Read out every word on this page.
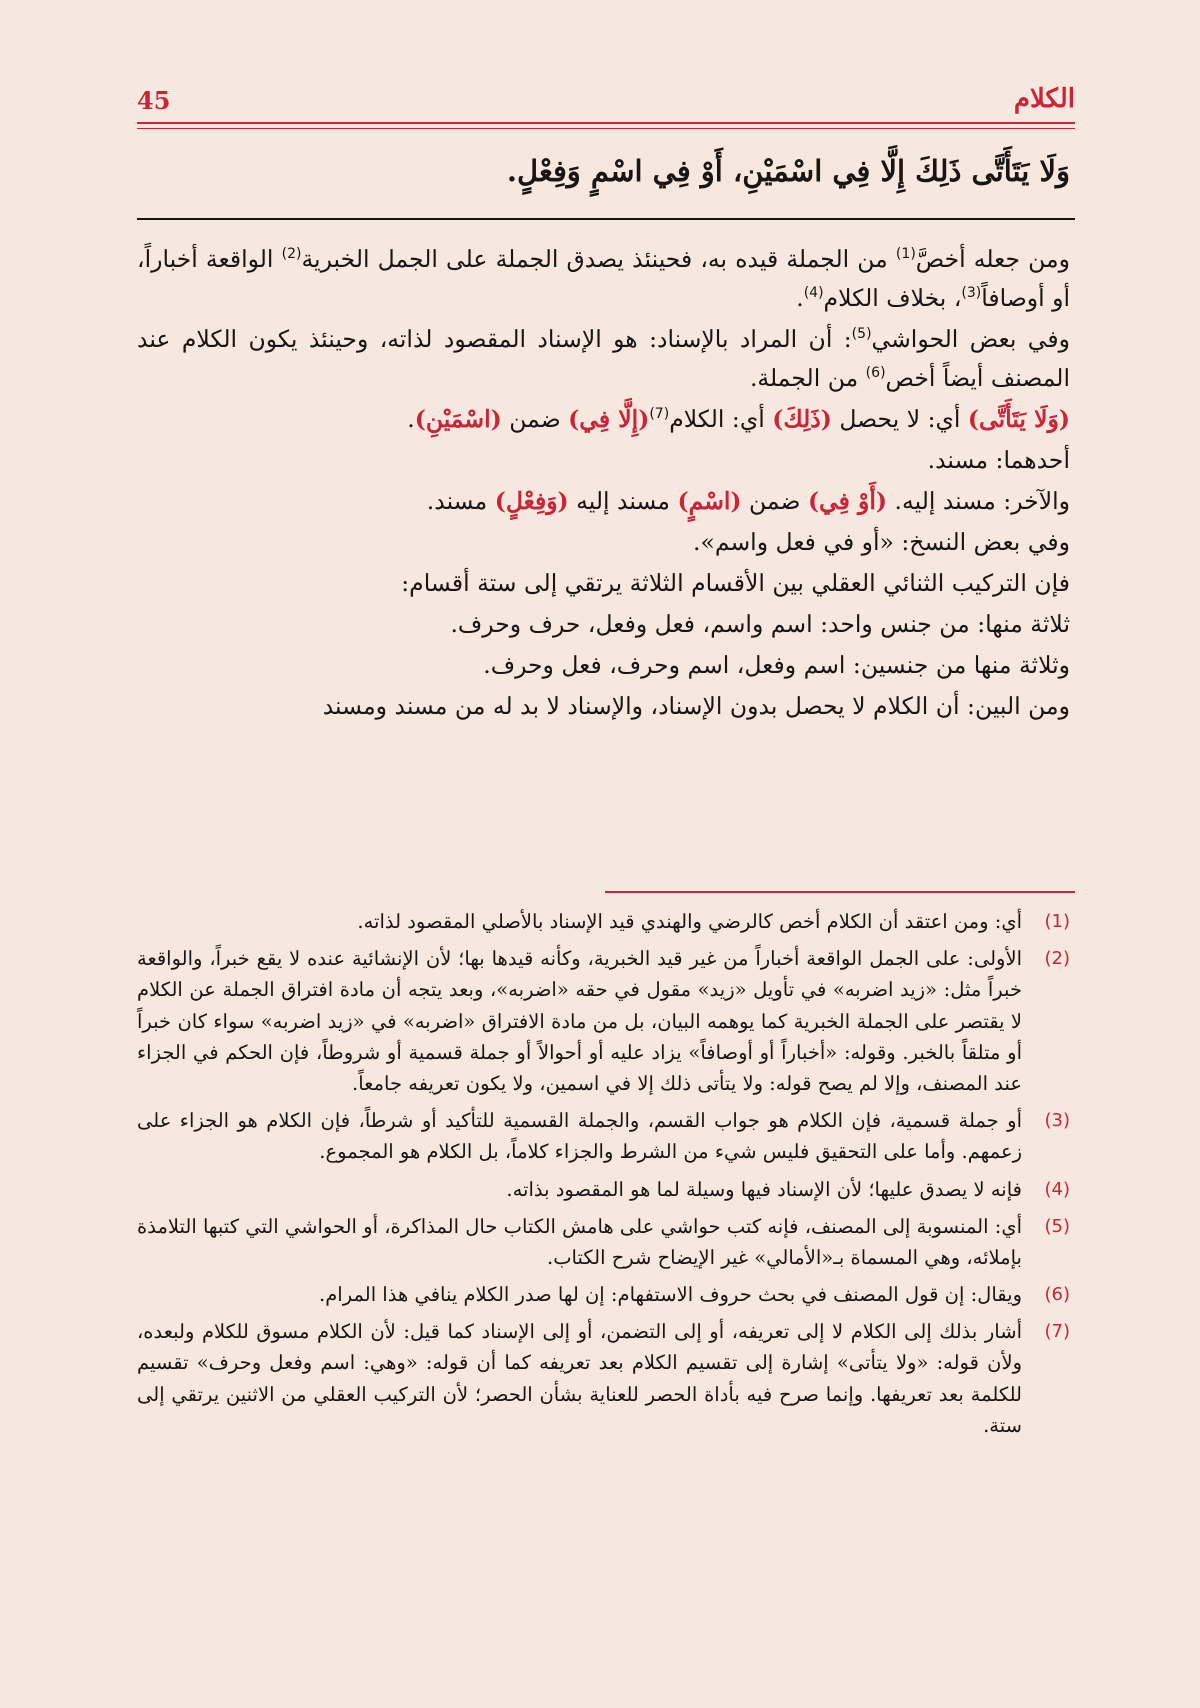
الكلام
45
وَلَا يَتَأَتَّى ذَلِكَ إِلَّا فِي اسْمَيْنِ، أَوْ فِي اسْمٍ وَفِعْلٍ.

ومن جعله أخصَّ$^{(1)}$ من الجملة قيده به، فحينئذ يصدق الجملة على الجمل الخبرية$^{(2)}$ الواقعة أخباراً، أو أوصافاً$^{(3)}$، بخلاف الكلام$^{(4)}$.

وفي بعض الحواشي$^{(5)}$: أن المراد بالإسناد: هو الإسناد المقصود لذاته، وحينئذ يكون الكلام عند المصنف أيضاً أخص$^{(6)}$ من الجملة.

(وَلَا يَتَأَتَّى) أي: لا يحصل (ذَلِكَ) أي: الكلام$^{(7)}$(إِلَّا فِي) ضمن (اسْمَيْنِ).

أحدهما: مسند.

والآخر: مسند إليه. (أَوْ فِي) ضمن (اسْمٍ) مسند إليه (وَفِعْلٍ) مسند.

وفي بعض النسخ: «أو في فعل واسم».

فإن التركيب الثنائي العقلي بين الأقسام الثلاثة يرتقي إلى ستة أقسام:

ثلاثة منها: من جنس واحد: اسم واسم، فعل وفعل، حرف وحرف.

وثلاثة منها من جنسين: اسم وفعل، اسم وحرف، فعل وحرف.

ومن البين: أن الكلام لا يحصل بدون الإسناد، والإسناد لا بد له من مسند ومسند

(1)
أي: ومن اعتقد أن الكلام أخص كالرضي والهندي قيد الإسناد بالأصلي المقصود لذاته.
(2)
الأولى: على الجمل الواقعة أخباراً من غير قيد الخبرية، وكأنه قيدها بها؛ لأن الإنشائية عنده لا يقع خبراً، والواقعة خبراً مثل: «زيد اضربه» في تأويل «زيد» مقول في حقه «اضربه»، وبعد يتجه أن مادة افتراق الجملة عن الكلام لا يقتصر على الجملة الخبرية كما يوهمه البيان، بل من مادة الافتراق «اضربه» في «زيد اضربه» سواء كان خبراً أو متلقاً بالخبر. وقوله: «أخباراً أو أوصافاً» يزاد عليه أو أحوالاً أو جملة قسمية أو شروطاً، فإن الحكم في الجزاء عند المصنف، وإلا لم يصح قوله: ولا يتأتى ذلك إلا في اسمين، ولا يكون تعريفه جامعاً.
(3)
أو جملة قسمية، فإن الكلام هو جواب القسم، والجملة القسمية للتأكيد أو شرطاً، فإن الكلام هو الجزاء على زعمهم. وأما على التحقيق فليس شيء من الشرط والجزاء كلاماً، بل الكلام هو المجموع.
(4)
فإنه لا يصدق عليها؛ لأن الإسناد فيها وسيلة لما هو المقصود بذاته.
(5)
أي: المنسوبة إلى المصنف، فإنه كتب حواشي على هامش الكتاب حال المذاكرة، أو الحواشي التي كتبها التلامذة بإملائه، وهي المسماة بـ«الأمالي» غير الإيضاح شرح الكتاب.
(6)
ويقال: إن قول المصنف في بحث حروف الاستفهام: إن لها صدر الكلام ينافي هذا المرام.
(7)
أشار بذلك إلى الكلام لا إلى تعريفه، أو إلى التضمن، أو إلى الإسناد كما قيل: لأن الكلام مسوق للكلام ولبعده، ولأن قوله: «ولا يتأتى» إشارة إلى تقسيم الكلام بعد تعريفه كما أن قوله: «وهي: اسم وفعل وحرف» تقسيم للكلمة بعد تعريفها. وإنما صرح فيه بأداة الحصر للعناية بشأن الحصر؛ لأن التركيب العقلي من الاثنين يرتقي إلى ستة.
